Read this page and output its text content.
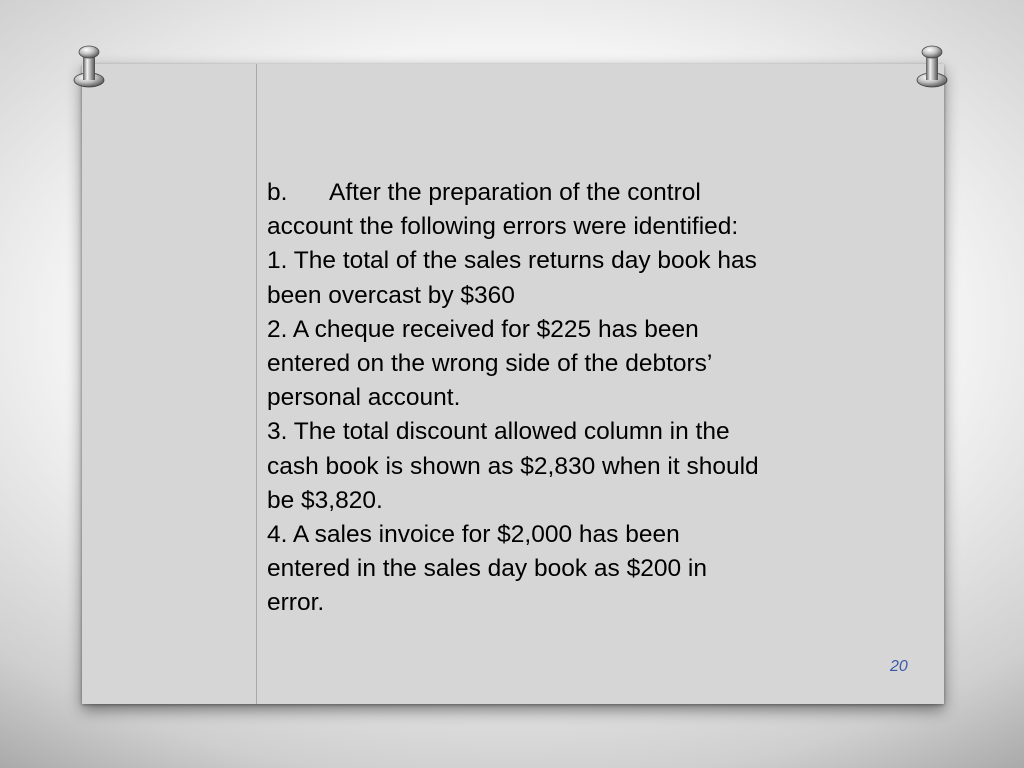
b. After the preparation of the control account the following errors were identified:

1. The total of the sales returns day book has been overcast by $360

2. A cheque received for $225 has been entered on the wrong side of the debtors’ personal account.

3. The total discount allowed column in the cash book is shown as $2,830 when it should be $3,820.

4. A sales invoice for $2,000 has been entered in the sales day book as $200 in error.

20
